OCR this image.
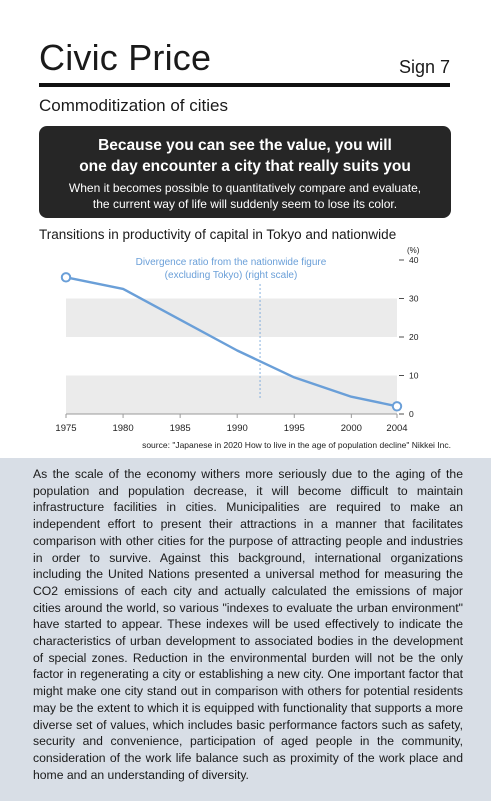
Civic Price	Sign 7
Commoditization of cities
Because you can see the value, you will
one day encounter a city that really suits you
When it becomes possible to quantitatively compare and evaluate,
the current way of life will suddenly seem to lose its color.
Transitions in productivity of capital in Tokyo and nationwide
Divergence ratio from the nationwide figure
(excluding Tokyo) (right scale)
1975	1980	1985	1990	1995	2000	2004
0
10
20
30
40
(%)
source: "Japanese in 2020 How to live in the age of population decline" Nikkei Inc.
As the scale of the economy withers more seriously due to the aging of the population and population decrease, it will become difficult to maintain infrastructure facilities in cities. Municipalities are required to make an independent effort to present their attractions in a manner that facilitates comparison with other cities for the purpose of attracting people and industries in order to survive. Against this background, international organizations including the United Nations presented a universal method for measuring the CO2 emissions of each city and actually calculated the emissions of major cities around the world, so various "indexes to evaluate the urban environment" have started to appear. These indexes will be used effectively to indicate the characteristics of urban development to associated bodies in the development of special zones. Reduction in the environmental burden will not be the only factor in regenerating a city or establishing a new city. One important factor that might make one city stand out in comparison with others for potential residents may be the extent to which it is equipped with functionality that supports a more diverse set of values, which includes basic performance factors such as safety, security and convenience, participation of aged people in the community, consideration of the work life balance such as proximity of the work place and home and an understanding of diversity.
